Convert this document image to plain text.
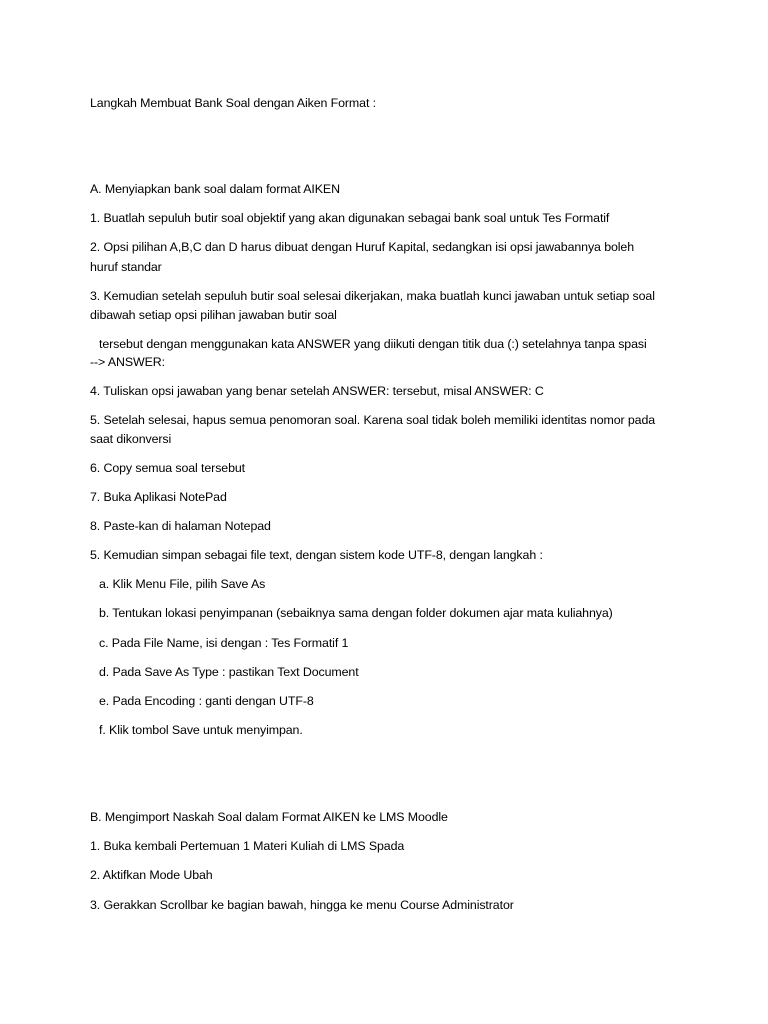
Langkah Membuat Bank Soal dengan Aiken Format :
A. Menyiapkan bank soal dalam format AIKEN
1. Buatlah sepuluh butir soal objektif yang akan digunakan sebagai bank soal untuk Tes Formatif
2. Opsi pilihan A,B,C dan D harus dibuat dengan Huruf Kapital, sedangkan isi opsi jawabannya boleh
huruf standar
3. Kemudian setelah sepuluh butir soal selesai dikerjakan, maka buatlah kunci jawaban untuk setiap soal
dibawah setiap opsi pilihan jawaban butir soal
tersebut dengan menggunakan kata ANSWER yang diikuti dengan titik dua (:) setelahnya tanpa spasi
--> ANSWER:
4. Tuliskan opsi jawaban yang benar setelah ANSWER: tersebut, misal ANSWER: C
5. Setelah selesai, hapus semua penomoran soal. Karena soal tidak boleh memiliki identitas nomor pada
saat dikonversi
6. Copy semua soal tersebut
7. Buka Aplikasi NotePad
8. Paste-kan di halaman Notepad
5. Kemudian simpan sebagai file text, dengan sistem kode UTF-8, dengan langkah :
a. Klik Menu File, pilih Save As
b. Tentukan lokasi penyimpanan (sebaiknya sama dengan folder dokumen ajar mata kuliahnya)
c. Pada File Name, isi dengan : Tes Formatif 1
d. Pada Save As Type : pastikan Text Document
e. Pada Encoding : ganti dengan UTF-8
f. Klik tombol Save untuk menyimpan.
B. Mengimport Naskah Soal dalam Format AIKEN ke LMS Moodle
1. Buka kembali Pertemuan 1 Materi Kuliah di LMS Spada
2. Aktifkan Mode Ubah
3. Gerakkan Scrollbar ke bagian bawah, hingga ke menu Course Administrator
